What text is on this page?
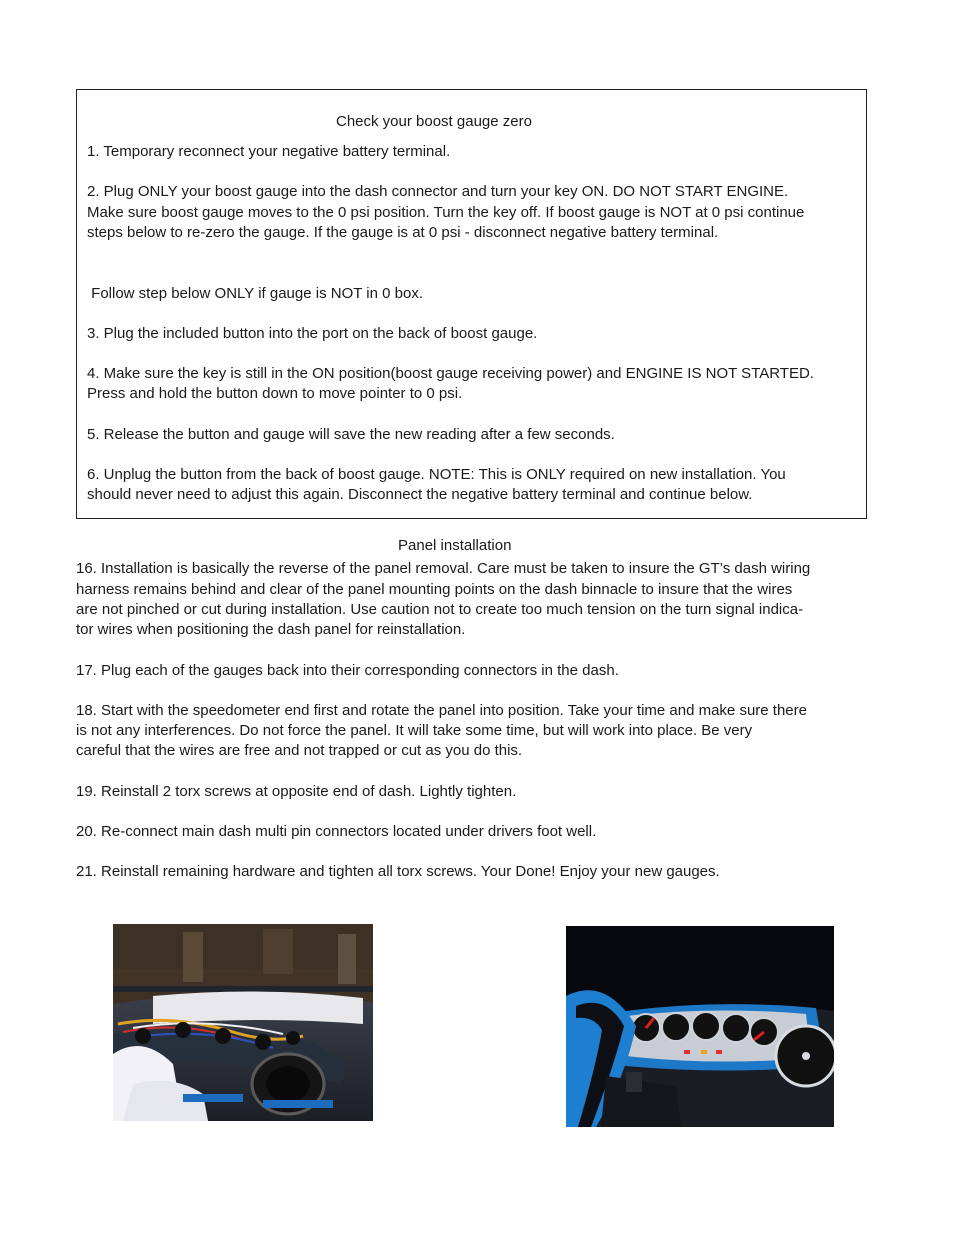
Check your boost gauge zero
1. Temporary reconnect your negative battery terminal.
2. Plug ONLY your boost gauge into the dash connector and turn your key ON. DO NOT START ENGINE.
Make sure boost gauge moves to the 0 psi position. Turn the key off. If boost gauge is NOT at 0 psi continue
steps below to re-zero the gauge. If the gauge is at 0 psi - disconnect negative battery terminal.
Follow step below ONLY if gauge is NOT in 0 box.
3. Plug the included button into the port on the back of boost gauge.
4. Make sure the key is still in the ON position(boost gauge receiving power) and ENGINE IS NOT STARTED.
Press and hold the button down to move pointer to 0 psi.
5. Release the button and gauge will save the new reading after a few seconds.
6. Unplug the button from the back of boost gauge. NOTE: This is ONLY required on new installation. You
should never need to adjust this again. Disconnect the negative battery terminal and continue below.
Panel installation
16. Installation is basically the reverse of the panel removal. Care must be taken to insure the GT’s dash wiring
harness remains behind and clear of the panel mounting points on the dash binnacle to insure that the wires
are not pinched or cut during installation. Use caution not to create too much tension on the turn signal indica-
tor wires when positioning the dash panel for reinstallation.
17. Plug each of the gauges back into their corresponding connectors in the dash.
18. Start with the speedometer end first and rotate the panel into position. Take your time and make sure there
is not any interferences. Do not force the panel. It will take some time, but will work into place. Be very
careful that the wires are free and not trapped or cut as you do this.
19. Reinstall 2 torx screws at opposite end of dash. Lightly tighten.
20. Re-connect main dash multi pin connectors located under drivers foot well.
21. Reinstall remaining hardware and tighten all torx screws. Your Done! Enjoy your new gauges.
